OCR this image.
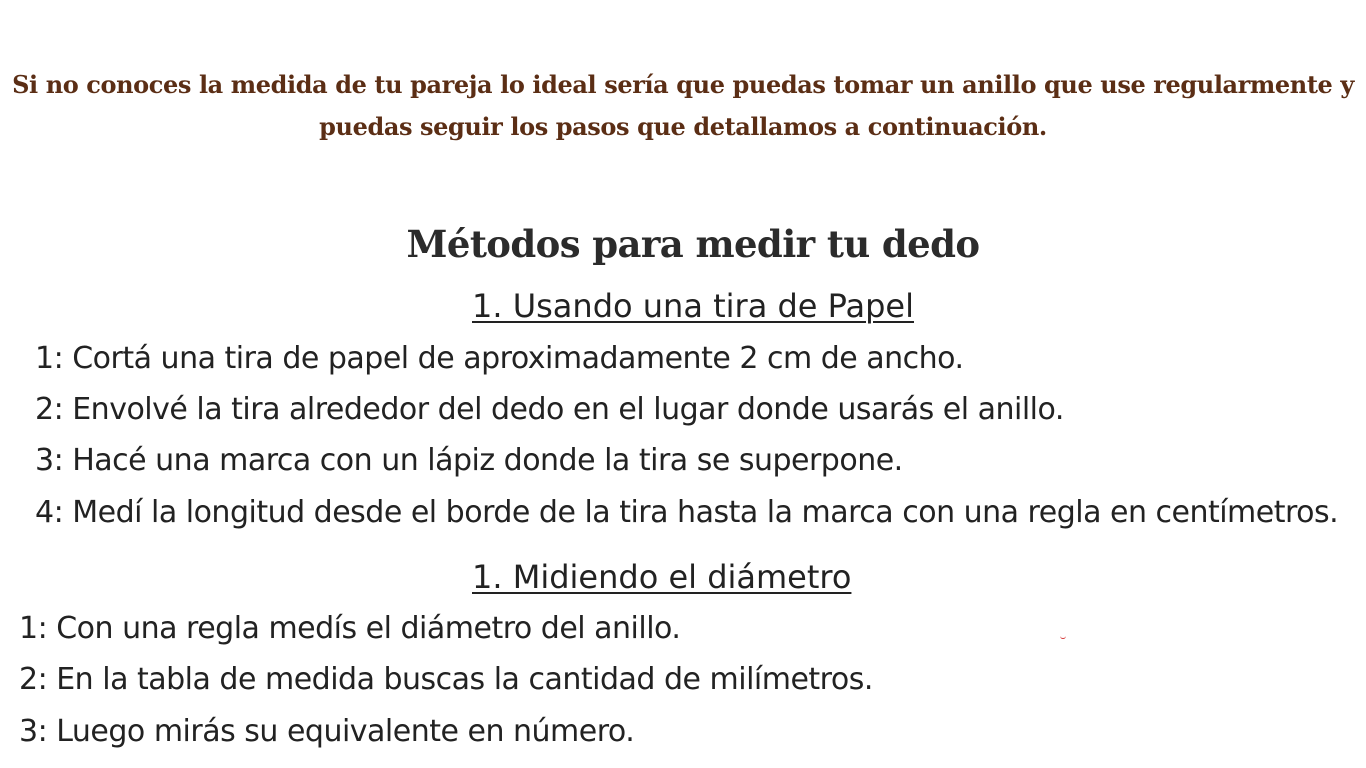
Si no conoces la medida de tu pareja lo ideal sería que puedas tomar un anillo que use regularmente y puedas seguir los pasos que detallamos a continuación.
Métodos para medir tu dedo
1. Usando una tira de Papel
1: Cortá una tira de papel de aproximadamente 2 cm de ancho.
2: Envolvé la tira alrededor del dedo en el lugar donde usarás el anillo.
3: Hacé una marca con un lápiz donde la tira se superpone.
4: Medí la longitud desde el borde de la tira hasta la marca con una regla en centímetros.
1. Midiendo el diámetro
1: Con una regla medís el diámetro del anillo.
2: En la tabla de medida buscas la cantidad de milímetros.
3: Luego mirás su equivalente en número.
